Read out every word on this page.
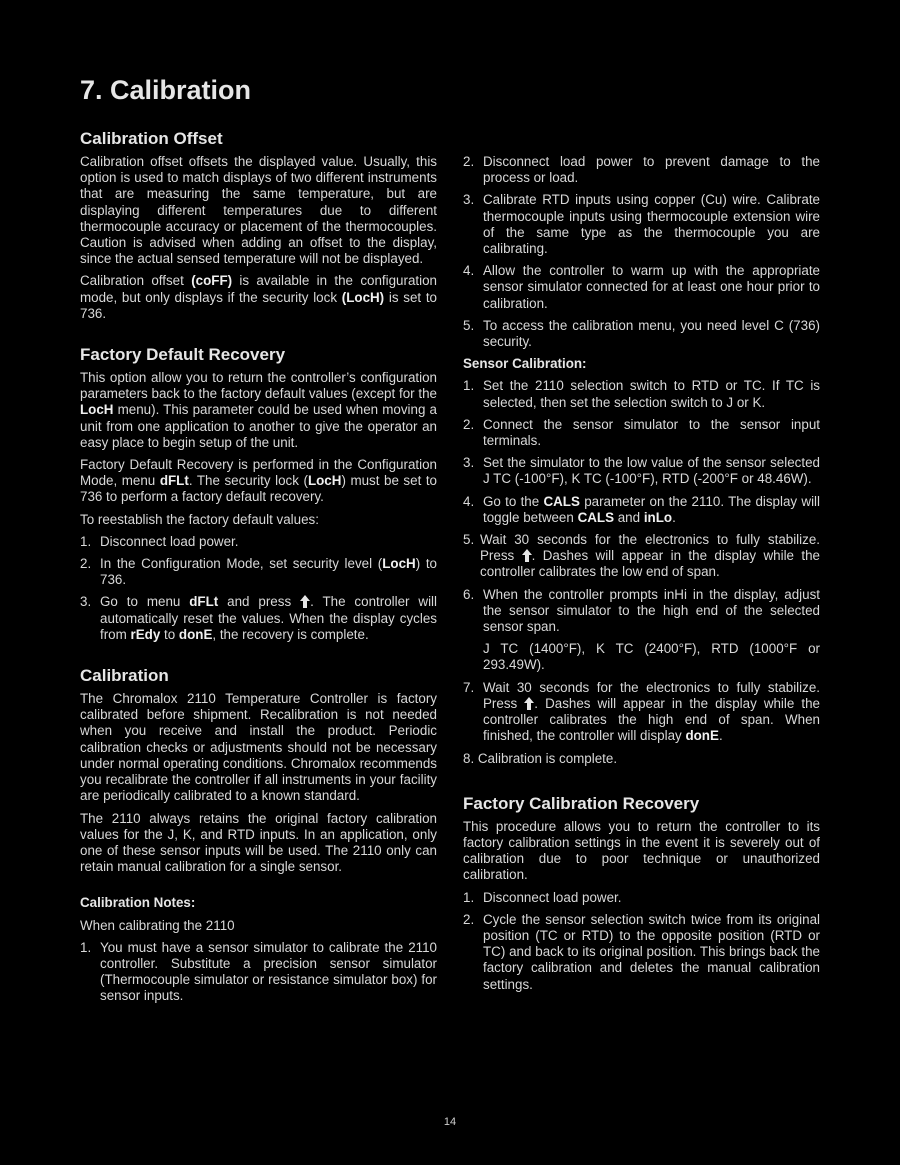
7. Calibration
Calibration Offset

Calibration offset offsets the displayed value. Usually, this option is used to match displays of two different instruments that are measuring the same temperature, but are displaying different temperatures due to different thermocouple accuracy or placement of the thermocouples. Caution is advised when adding an offset to the display, since the actual sensed temperature will not be displayed.

Calibration offset (coFF) is available in the configuration mode, but only displays if the security lock (LocH) is set to 736.

Factory Default Recovery

This option allow you to return the controller’s configuration parameters back to the factory default values (except for the LocH menu). This parameter could be used when moving a unit from one application to another to give the operator an easy place to begin setup of the unit.

Factory Default Recovery is performed in the Configuration Mode, menu dFLt. The security lock (LocH) must be set to 736 to perform a factory default recovery.

To reestablish the factory default values:

1. Disconnect load power.
2. In the Configuration Mode, set security level (LocH) to 736.
3. Go to menu dFLt and press . The controller will automatically reset the values. When the display cycles from rEdy to donE, the recovery is complete.
Calibration

The Chromalox 2110 Temperature Controller is factory calibrated before shipment. Recalibration is not needed when you receive and install the product. Periodic calibration checks or adjustments should not be necessary under normal operating conditions. Chromalox recommends you recalibrate the controller if all instruments in your facility are periodically calibrated to a known standard.

The 2110 always retains the original factory calibration values for the J, K, and RTD inputs. In an application, only one of these sensor inputs will be used. The 2110 only can retain manual calibration for a single sensor.

Calibration Notes:

When calibrating the 2110

1. You must have a sensor simulator to calibrate the 2110 controller. Substitute a precision sensor simulator (Thermocouple simulator or resistance simulator box) for sensor inputs.
2. Disconnect load power to prevent damage to the process or load.
3. Calibrate RTD inputs using copper (Cu) wire. Calibrate thermocouple inputs using thermocouple extension wire of the same type as the thermocouple you are calibrating.
4. Allow the controller to warm up with the appropriate sensor simulator connected for at least one hour prior to calibration.
5. To access the calibration menu, you need level C (736) security.
Sensor Calibration:
1. Set the 2110 selection switch to RTD or TC. If TC is selected, then set the selection switch to J or K.
2. Connect the sensor simulator to the sensor input terminals.
3. Set the simulator to the low value of the sensor selected J TC (-100°F), K TC (-100°F), RTD (-200°F or 48.46W).
4. Go to the CALS parameter on the 2110. The display will toggle between CALS and inLo.
5. Wait 30 seconds for the electronics to fully stabilize. Press . Dashes will appear in the display while the controller calibrates the low end of span.
6. When the controller prompts inHi in the display, adjust the sensor simulator to the high end of the selected sensor span.

J TC (1400°F), K TC (2400°F), RTD (1000°F or 293.49W).

7. Wait 30 seconds for the electronics to fully stabilize. Press . Dashes will appear in the display while the controller calibrates the high end of span. When finished, the controller will display donE.

8. Calibration is complete.

Factory Calibration Recovery

This procedure allows you to return the controller to its factory calibration settings in the event it is severely out of calibration due to poor technique or unauthorized calibration.

1. Disconnect load power.
2. Cycle the sensor selection switch twice from its original position (TC or RTD) to the opposite position (RTD or TC) and back to its original position. This brings back the factory calibration and deletes the manual calibration settings.
14
